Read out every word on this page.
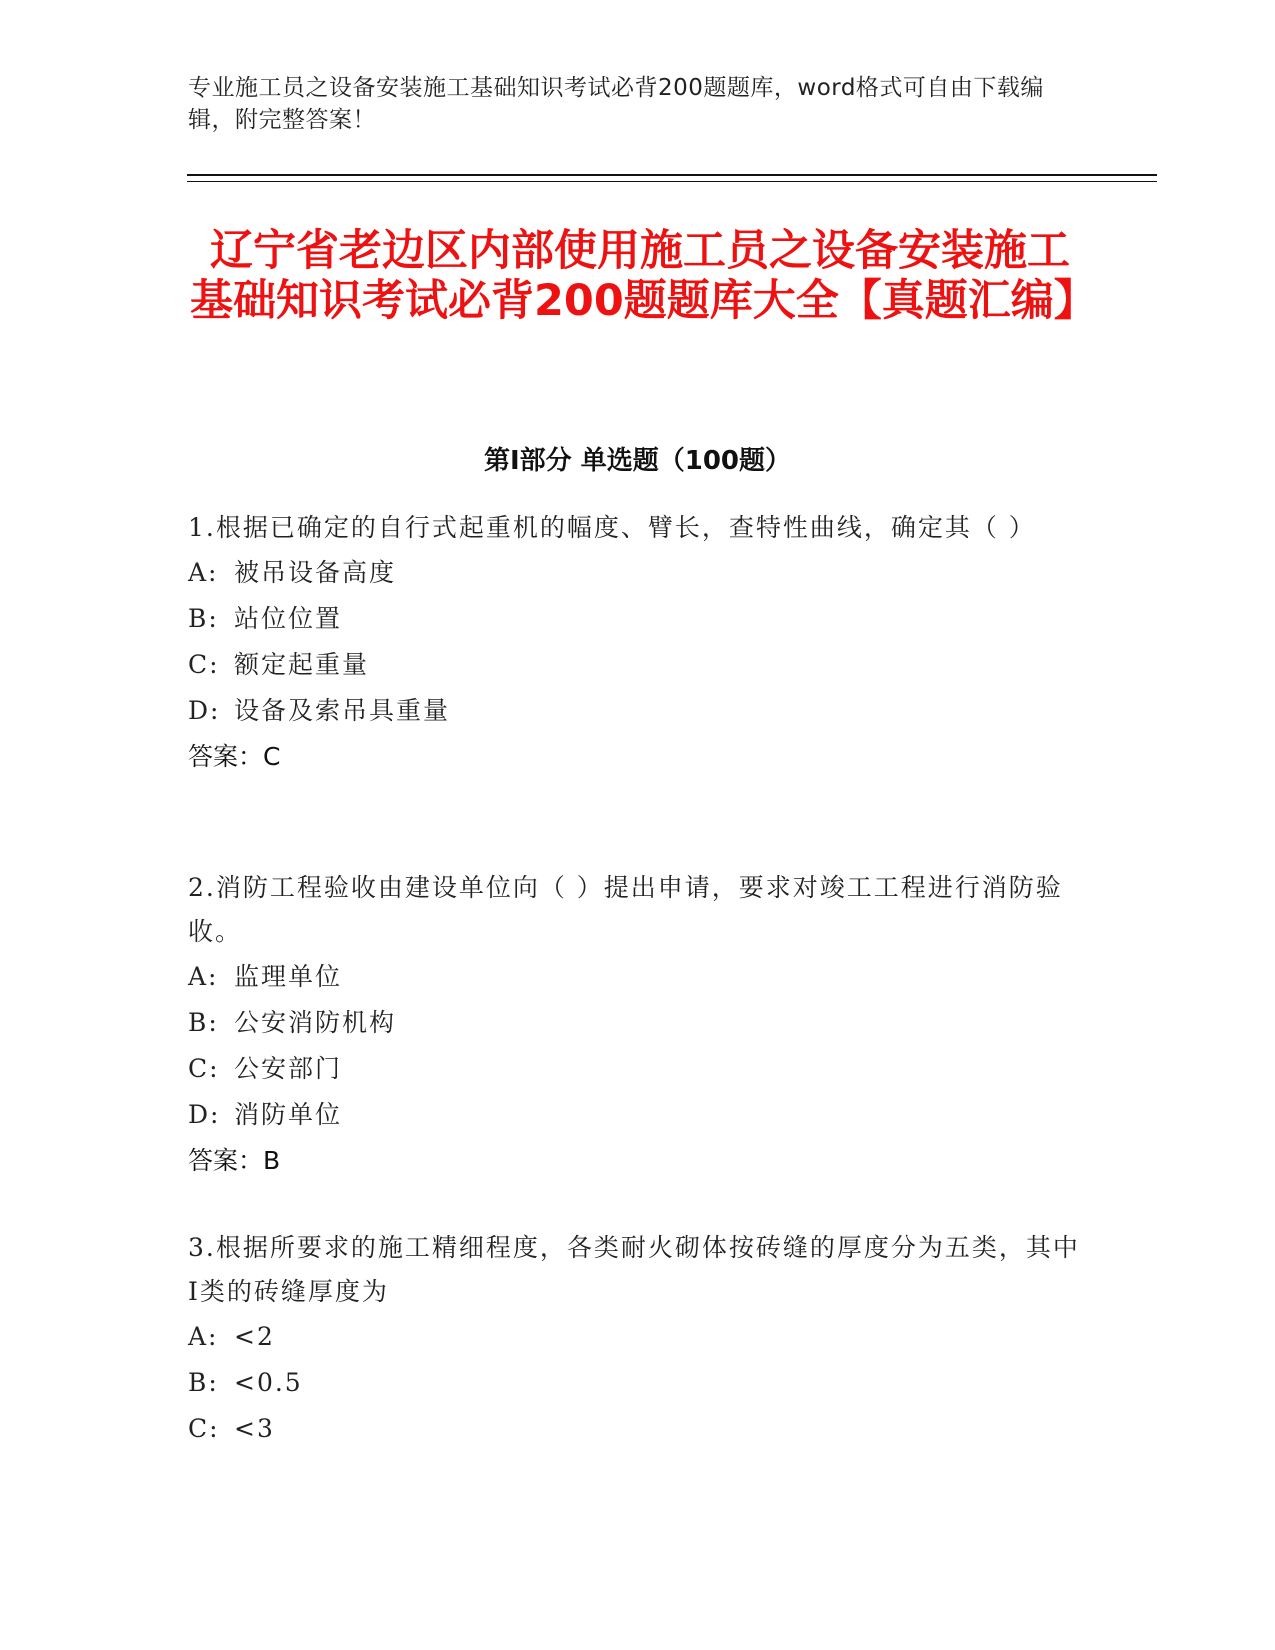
专业施工员之设备安装施工基础知识考试必背200题题库，word格式可自由下载编辑，附完整答案！
辽宁省老边区内部使用施工员之设备安装施工基础知识考试必背200题题库大全【真题汇编】
第I部分 单选题（100题）
1.根据已确定的自行式起重机的幅度、臂长，查特性曲线，确定其（ ）
A: 被吊设备高度
B: 站位位置
C: 额定起重量
D: 设备及索吊具重量
答案：C
2.消防工程验收由建设单位向（ ）提出申请，要求对竣工工程进行消防验收。
A: 监理单位
B: 公安消防机构
C: 公安部门
D: 消防单位
答案：B
3.根据所要求的施工精细程度，各类耐火砌体按砖缝的厚度分为五类，其中I类的砖缝厚度为
A: <2
B: <0.5
C: <3
